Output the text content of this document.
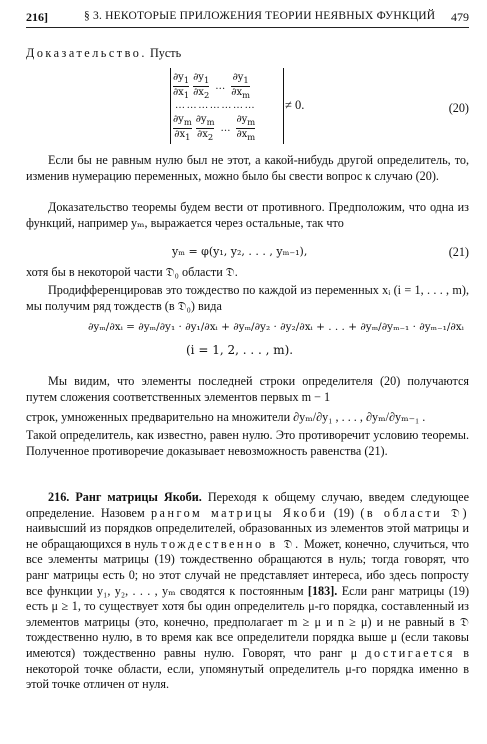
216]	§ 3. НЕКОТОРЫЕ ПРИЛОЖЕНИЯ ТЕОРИИ НЕЯВНЫХ ФУНКЦИЙ 479
Доказательство. Пусть
$\frac{\partial y_1}{\partial x_1} \frac{\partial y_1}{\partial x_2}$ … $\frac{\partial y_1}{\partial x_m}$
…………………
$\frac{\partial y_m}{\partial x_1} \frac{\partial y_m}{\partial x_2}$ … $\frac{\partial y_m}{\partial x_m}$
≠ 0.	(20)
Если бы не равным нулю был не этот, а какой-нибудь другой определитель, то, изменив нумерацию переменных, можно было бы свести вопрос к случаю (20).
Доказательство теоремы будем вести от противного. Предположим, что одна из функций, например yₘ, выражается через остальные, так что
yₘ = φ(y₁, y₂, . . . , yₘ₋₁),	(21)
хотя бы в некоторой части 𝔇₀ области 𝔇.
Продифференцировав это тождество по каждой из переменных xᵢ (i = 1, . . . , m), мы получим ряд тождеств (в 𝔇₀) вида
∂yₘ/∂xᵢ = ∂yₘ/∂y₁ · ∂y₁/∂xᵢ + ∂yₘ/∂y₂ · ∂y₂/∂xᵢ + . . . + ∂yₘ/∂yₘ₋₁ · ∂yₘ₋₁/∂xᵢ
(i = 1, 2, . . . , m).
Мы видим, что элементы последней строки определителя (20) получаются путем сложения соответственных элементов первых m − 1
строк, умноженных предварительно на множители ∂yₘ/∂y₁ , . . . , ∂yₘ/∂yₘ₋₁ .
Такой определитель, как известно, равен нулю. Это противоречит условию теоремы. Полученное противоречие доказывает невозможность равенства (21).
216. Ранг матрицы Якоби. Переходя к общему случаю, введем следующее определение. Назовем рангом матрицы Якоби (19) (в области 𝔇) наивысший из порядков определителей, образованных из элементов этой матрицы и не обращающихся в нуль тождественно в 𝔇. Может, конечно, случиться, что все элементы матрицы (19) тождественно обращаются в нуль; тогда говорят, что ранг матрицы есть 0; но этот случай не представляет интереса, ибо здесь попросту все функции y₁, y₂, . . . , yₘ сводятся к постоянным [183]. Если ранг матрицы (19) есть μ ≥ 1, то существует хотя бы один определитель μ-го порядка, составленный из элементов матрицы (это, конечно, предполагает m ≥ μ и n ≥ μ) и не равный в 𝔇 тождественно нулю, в то время как все определители порядка выше μ (если таковы имеются) тождественно равны нулю. Говорят, что ранг μ достигается в некоторой точке области, если, упомянутый определитель μ-го порядка именно в этой точке отличен от нуля.
